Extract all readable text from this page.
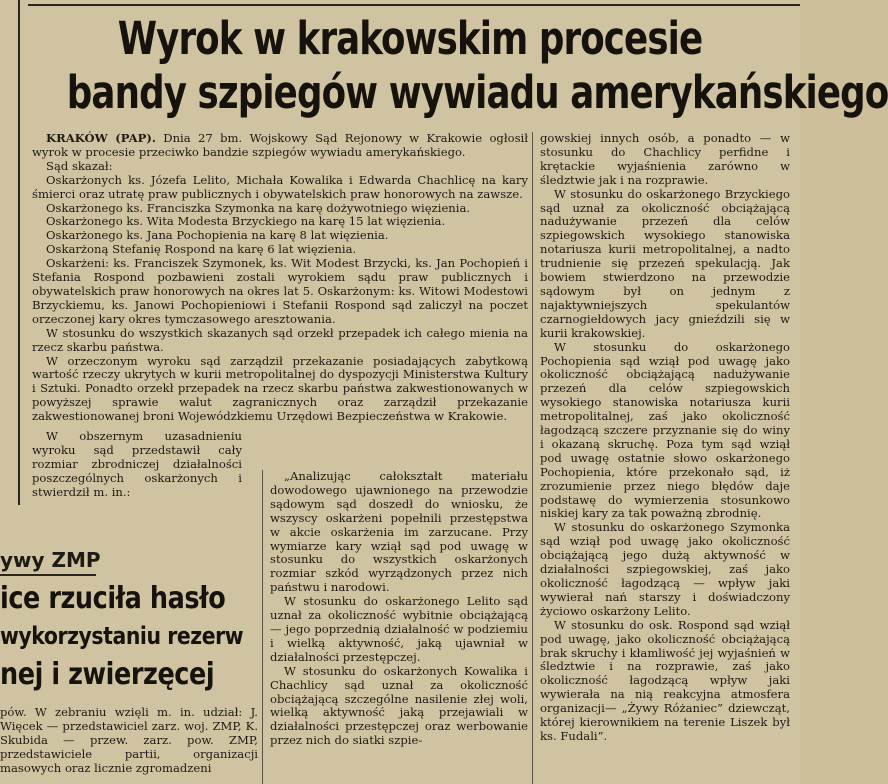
Wyrok w krakowskim procesie
bandy szpiegów wywiadu amerykańskiego

KRAKÓW (PAP). Dnia 27 bm. Wojskowy Sąd Rejonowy w Krakowie ogłosił wyrok w procesie przeciwko bandzie szpiegów wywiadu amerykańskiego.

Sąd skazał:

Oskarżonych ks. Józefa Lelito, Michała Kowalika i Edwarda Chachlicę na kary śmierci oraz utratę praw publicznych i obywatelskich praw honorowych na zawsze.

Oskarżonego ks. Franciszka Szymonka na karę dożywotniego więzienia.

Oskarżonego ks. Wita Modesta Brzyckiego na karę 15 lat więzienia.

Oskarżonego ks. Jana Pochopienia na karę 8 lat więzienia.

Oskarżoną Stefanię Rospond na karę 6 lat więzienia.

Oskarżeni: ks. Franciszek Szymonek, ks. Wit Modest Brzycki, ks. Jan Pochopień i Stefania Rospond pozbawieni zostali wyrokiem sądu praw publicznych i obywatelskich praw honorowych na okres lat 5. Oskarżonym: ks. Witowi Modestowi Brzyckiemu, ks. Janowi Pochopieniowi i Stefanii Rospond sąd zaliczył na poczet orzeczonej kary okres tymczasowego aresztowania.

W stosunku do wszystkich skazanych sąd orzekł przepadek ich całego mienia na rzecz skarbu państwa.

W orzeczonym wyroku sąd zarządził przekazanie posiadających zabytkową wartość rzeczy ukrytych w kurii metropolitalnej do dyspozycji Ministerstwa Kultury i Sztuki. Ponadto orzekł przepadek na rzecz skarbu państwa zakwestionowanych w powyższej sprawie walut zagranicznych oraz zarządził przekazanie zakwestionowanej broni Wojewódzkiemu Urzędowi Bezpieczeństwa w Krakowie.

W obszernym uzasadnieniu wyroku sąd przedstawił cały rozmiar zbrodniczej działalności poszczególnych oskarżonych i stwierdził m. in.:

„Analizując całokształt materiału dowodowego ujawnionego na przewodzie sądowym sąd doszedł do wniosku, że wszyscy oskarżeni popełnili przestępstwa w akcie oskarżenia im zarzucane. Przy wymiarze kary wziął sąd pod uwagę w stosunku do wszystkich oskarżonych rozmiar szkód wyrządzonych przez nich państwu i narodowi.

W stosunku do oskarżonego Lelito sąd uznał za okoliczność wybitnie obciążającą — jego poprzednią działalność w podziemiu i wielką aktywność, jaką ujawniał w działalności przestępczej.

W stosunku do oskarżonych Kowalika i Chachlicy sąd uznał za okoliczność obciążającą szczególne nasilenie złej woli, wielką aktywność jaką przejawiali w działalności przestępczej oraz werbowanie przez nich do siatki szpie-

gowskiej innych osób, a ponadto — w stosunku do Chachlicy perfidne i krętackie wyjaśnienia zarówno w śledztwie jak i na rozprawie.

W stosunku do oskarżonego Brzyckiego sąd uznał za okoliczność obciążającą nadużywanie przezeń dla celów szpiegowskich wysokiego stanowiska notariusza kurii metropolitalnej, a nadto trudnienie się przezeń spekulacją. Jak bowiem stwierdzono na przewodzie sądowym był on jednym z najaktywniejszych spekulantów czarnogiełdowych jacy gnieździli się w kurii krakowskiej.

W stosunku do oskarżonego Pochopienia sąd wziął pod uwagę jako okoliczność obciążającą nadużywanie przezeń dla celów szpiegowskich wysokiego stanowiska notariusza kurii metropolitalnej, zaś jako okoliczność łagodzącą szczere przyznanie się do winy i okazaną skruchę. Poza tym sąd wziął pod uwagę ostatnie słowo oskarżonego Pochopienia, które przekonało sąd, iż zrozumienie przez niego błędów daje podstawę do wymierzenia stosunkowo niskiej kary za tak poważną zbrodnię.

W stosunku do oskarżonego Szymonka sąd wziął pod uwagę jako okoliczność obciążającą jego dużą aktywność w działalności szpiegowskiej, zaś jako okoliczność łagodzącą — wpływ jaki wywierał nań starszy i doświadczony życiowo oskarżony Lelito.

W stosunku do osk. Rospond sąd wziął pod uwagę, jako okoliczność obciążającą brak skruchy i kłamliwość jej wyjaśnień w śledztwie i na rozprawie, zaś jako okoliczność łagodzącą wpływ jaki wywierała na nią reakcyjna atmosfera organizacji— „Żywy Różaniec” dziewcząt, której kierownikiem na terenie Liszek był ks. Fudali”.

ywy ZMP
ice rzuciła hasło
wykorzystaniu rezerw
nej i zwierzęcej

pów. W zebraniu wzięli m. in. udział: J. Więcek — przedstawiciel zarz. woj. ZMP, K. Skubida — przew. zarz. pow. ZMP, przedstawiciele partii, organizacji masowych oraz licznie zgromadzeni
